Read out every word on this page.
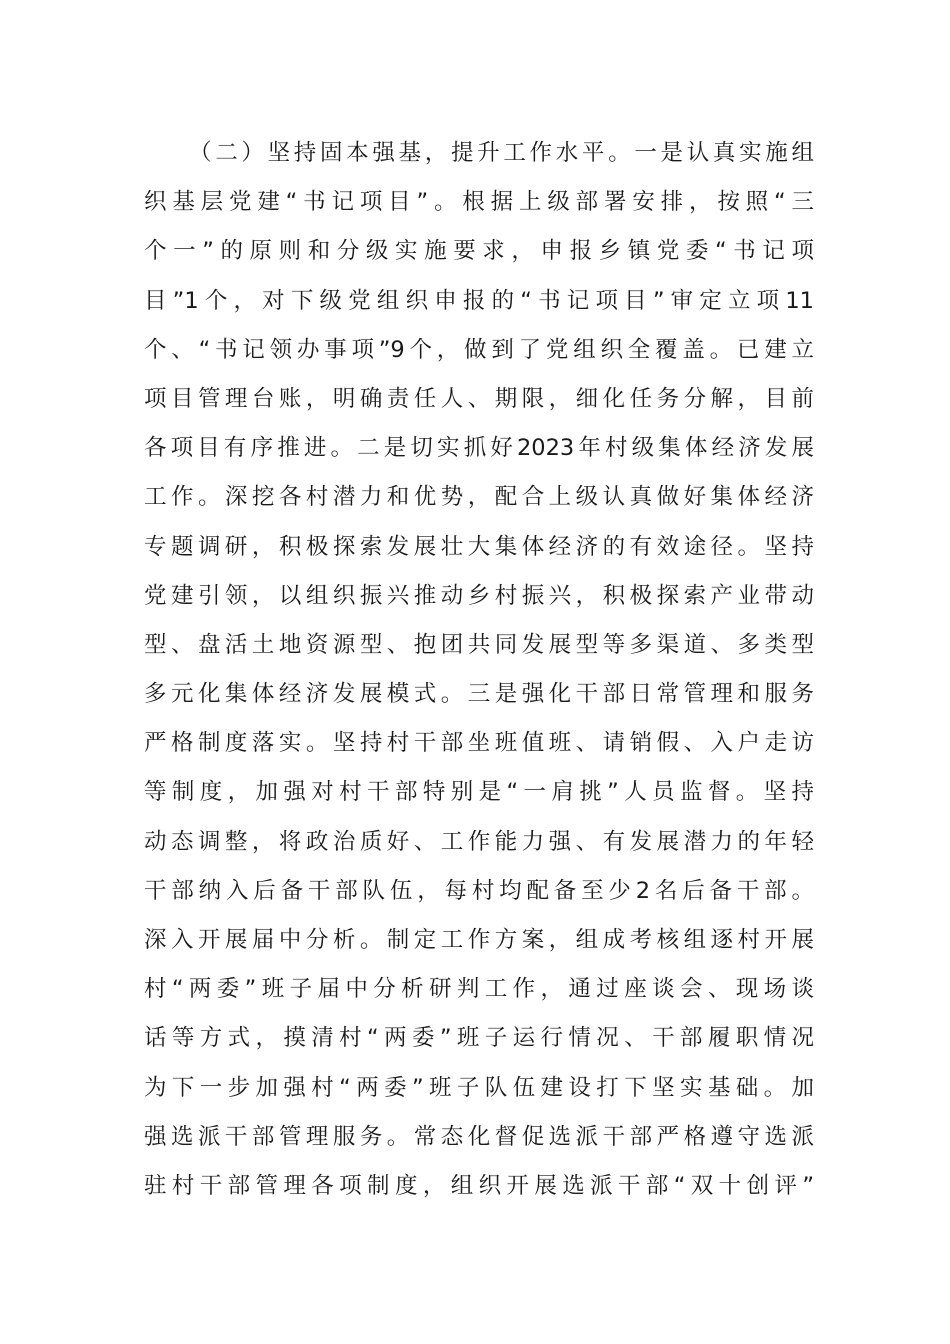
（二）坚持固本强基，提升工作水平。一是认真实施组
织基层党建“书记项目”。根据上级部署安排，按照“三
个一”的原则和分级实施要求，申报乡镇党委“书记项
目”1个，对下级党组织申报的“书记项目”审定立项11
个、“书记领办事项”9个，做到了党组织全覆盖。已建立
项目管理台账，明确责任人、期限，细化任务分解，目前
各项目有序推进。二是切实抓好2023年村级集体经济发展
工作。深挖各村潜力和优势，配合上级认真做好集体经济
专题调研，积极探索发展壮大集体经济的有效途径。坚持
党建引领，以组织振兴推动乡村振兴，积极探索产业带动
型、盘活土地资源型、抱团共同发展型等多渠道、多类型
多元化集体经济发展模式。三是强化干部日常管理和服务
严格制度落实。坚持村干部坐班值班、请销假、入户走访
等制度，加强对村干部特别是“一肩挑”人员监督。坚持
动态调整，将政治质好、工作能力强、有发展潜力的年轻
干部纳入后备干部队伍，每村均配备至少2名后备干部。
深入开展届中分析。制定工作方案，组成考核组逐村开展
村“两委”班子届中分析研判工作，通过座谈会、现场谈
话等方式，摸清村“两委”班子运行情况、干部履职情况
为下一步加强村“两委”班子队伍建设打下坚实基础。加
强选派干部管理服务。常态化督促选派干部严格遵守选派
驻村干部管理各项制度，组织开展选派干部“双十创评”
